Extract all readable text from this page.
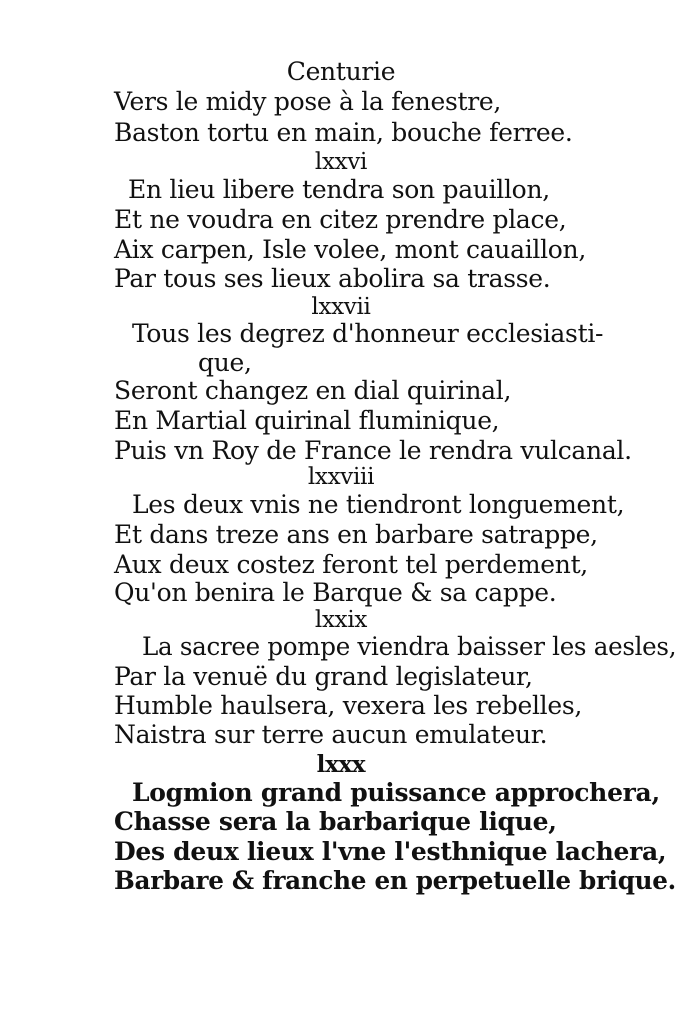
Centurie
Vers le midy pose à la fenestre,
Baston tortu en main, bouche ferree.
lxxvi
En lieu libere tendra son pauillon,
Et ne voudra en citez prendre place,
Aix carpen, Isle volee, mont cauaillon,
Par tous ses lieux abolira sa trasse.
lxxvii
Tous les degrez d'honneur ecclesiasti-
que,
Seront changez en dial quirinal,
En Martial quirinal fluminique,
Puis vn Roy de France le rendra vulcanal.
lxxviii
Les deux vnis ne tiendront longuement,
Et dans treze ans en barbare satrappe,
Aux deux costez feront tel perdement,
Qu'on benira le Barque & sa cappe.
lxxix
La sacree pompe viendra baisser les aesles,
Par la venuë du grand legislateur,
Humble haulsera, vexera les rebelles,
Naistra sur terre aucun emulateur.
lxxx
Logmion grand puissance approchera,
Chasse sera la barbarique lique,
Des deux lieux l'vne l'esthnique lachera,
Barbare & franche en perpetuelle brique.
